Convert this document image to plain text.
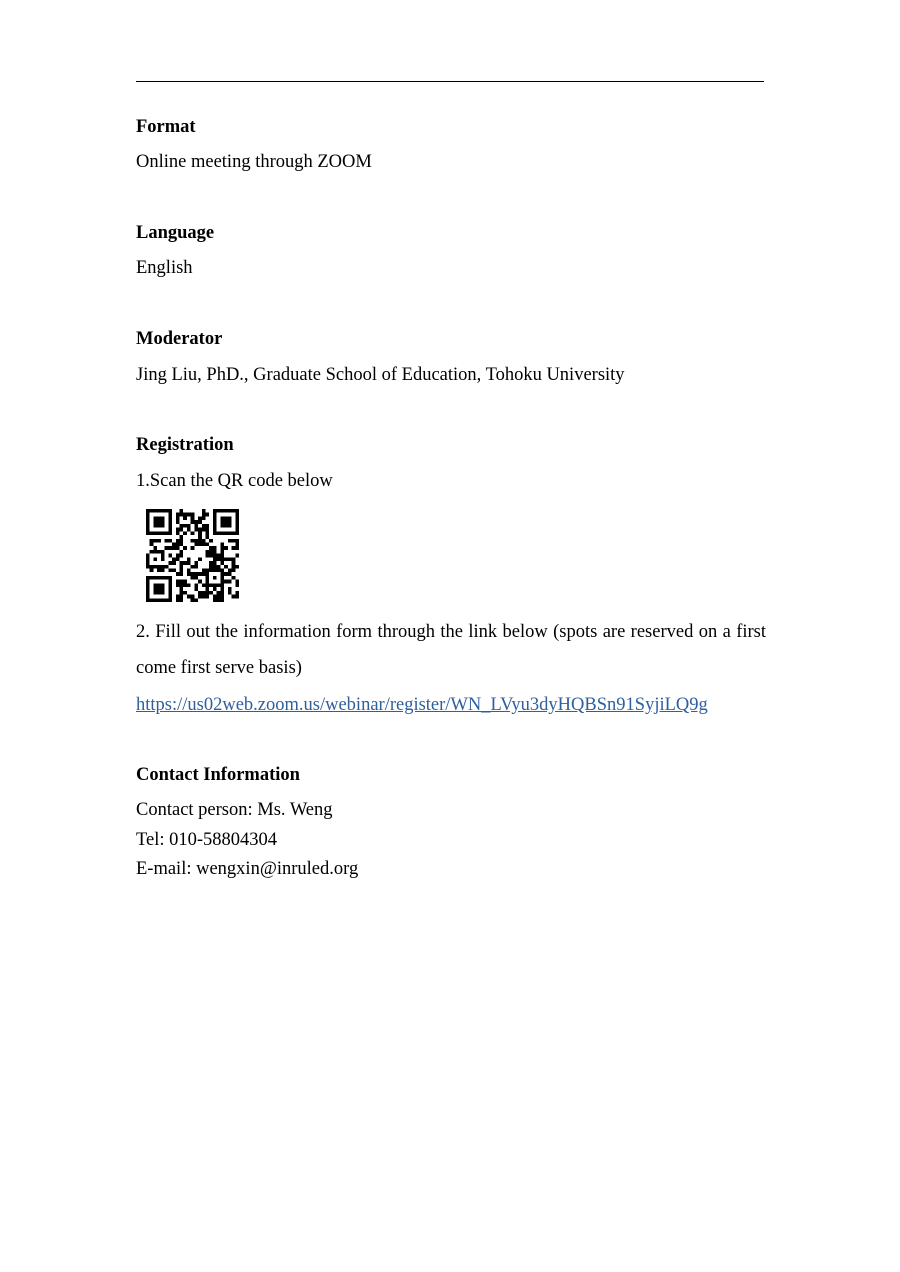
Format

Online meeting through ZOOM

Language

English

Moderator

Jing Liu, PhD., Graduate School of Education, Tohoku University

Registration

1.Scan the QR code below

2. Fill out the information form through the link below (spots are reserved on a first come first serve basis)

https://us02web.zoom.us/webinar/register/WN_LVyu3dyHQBSn91SyjiLQ9g

Contact Information

Contact person: Ms. Weng

Tel: 010-58804304

E-mail: wengxin@inruled.org
